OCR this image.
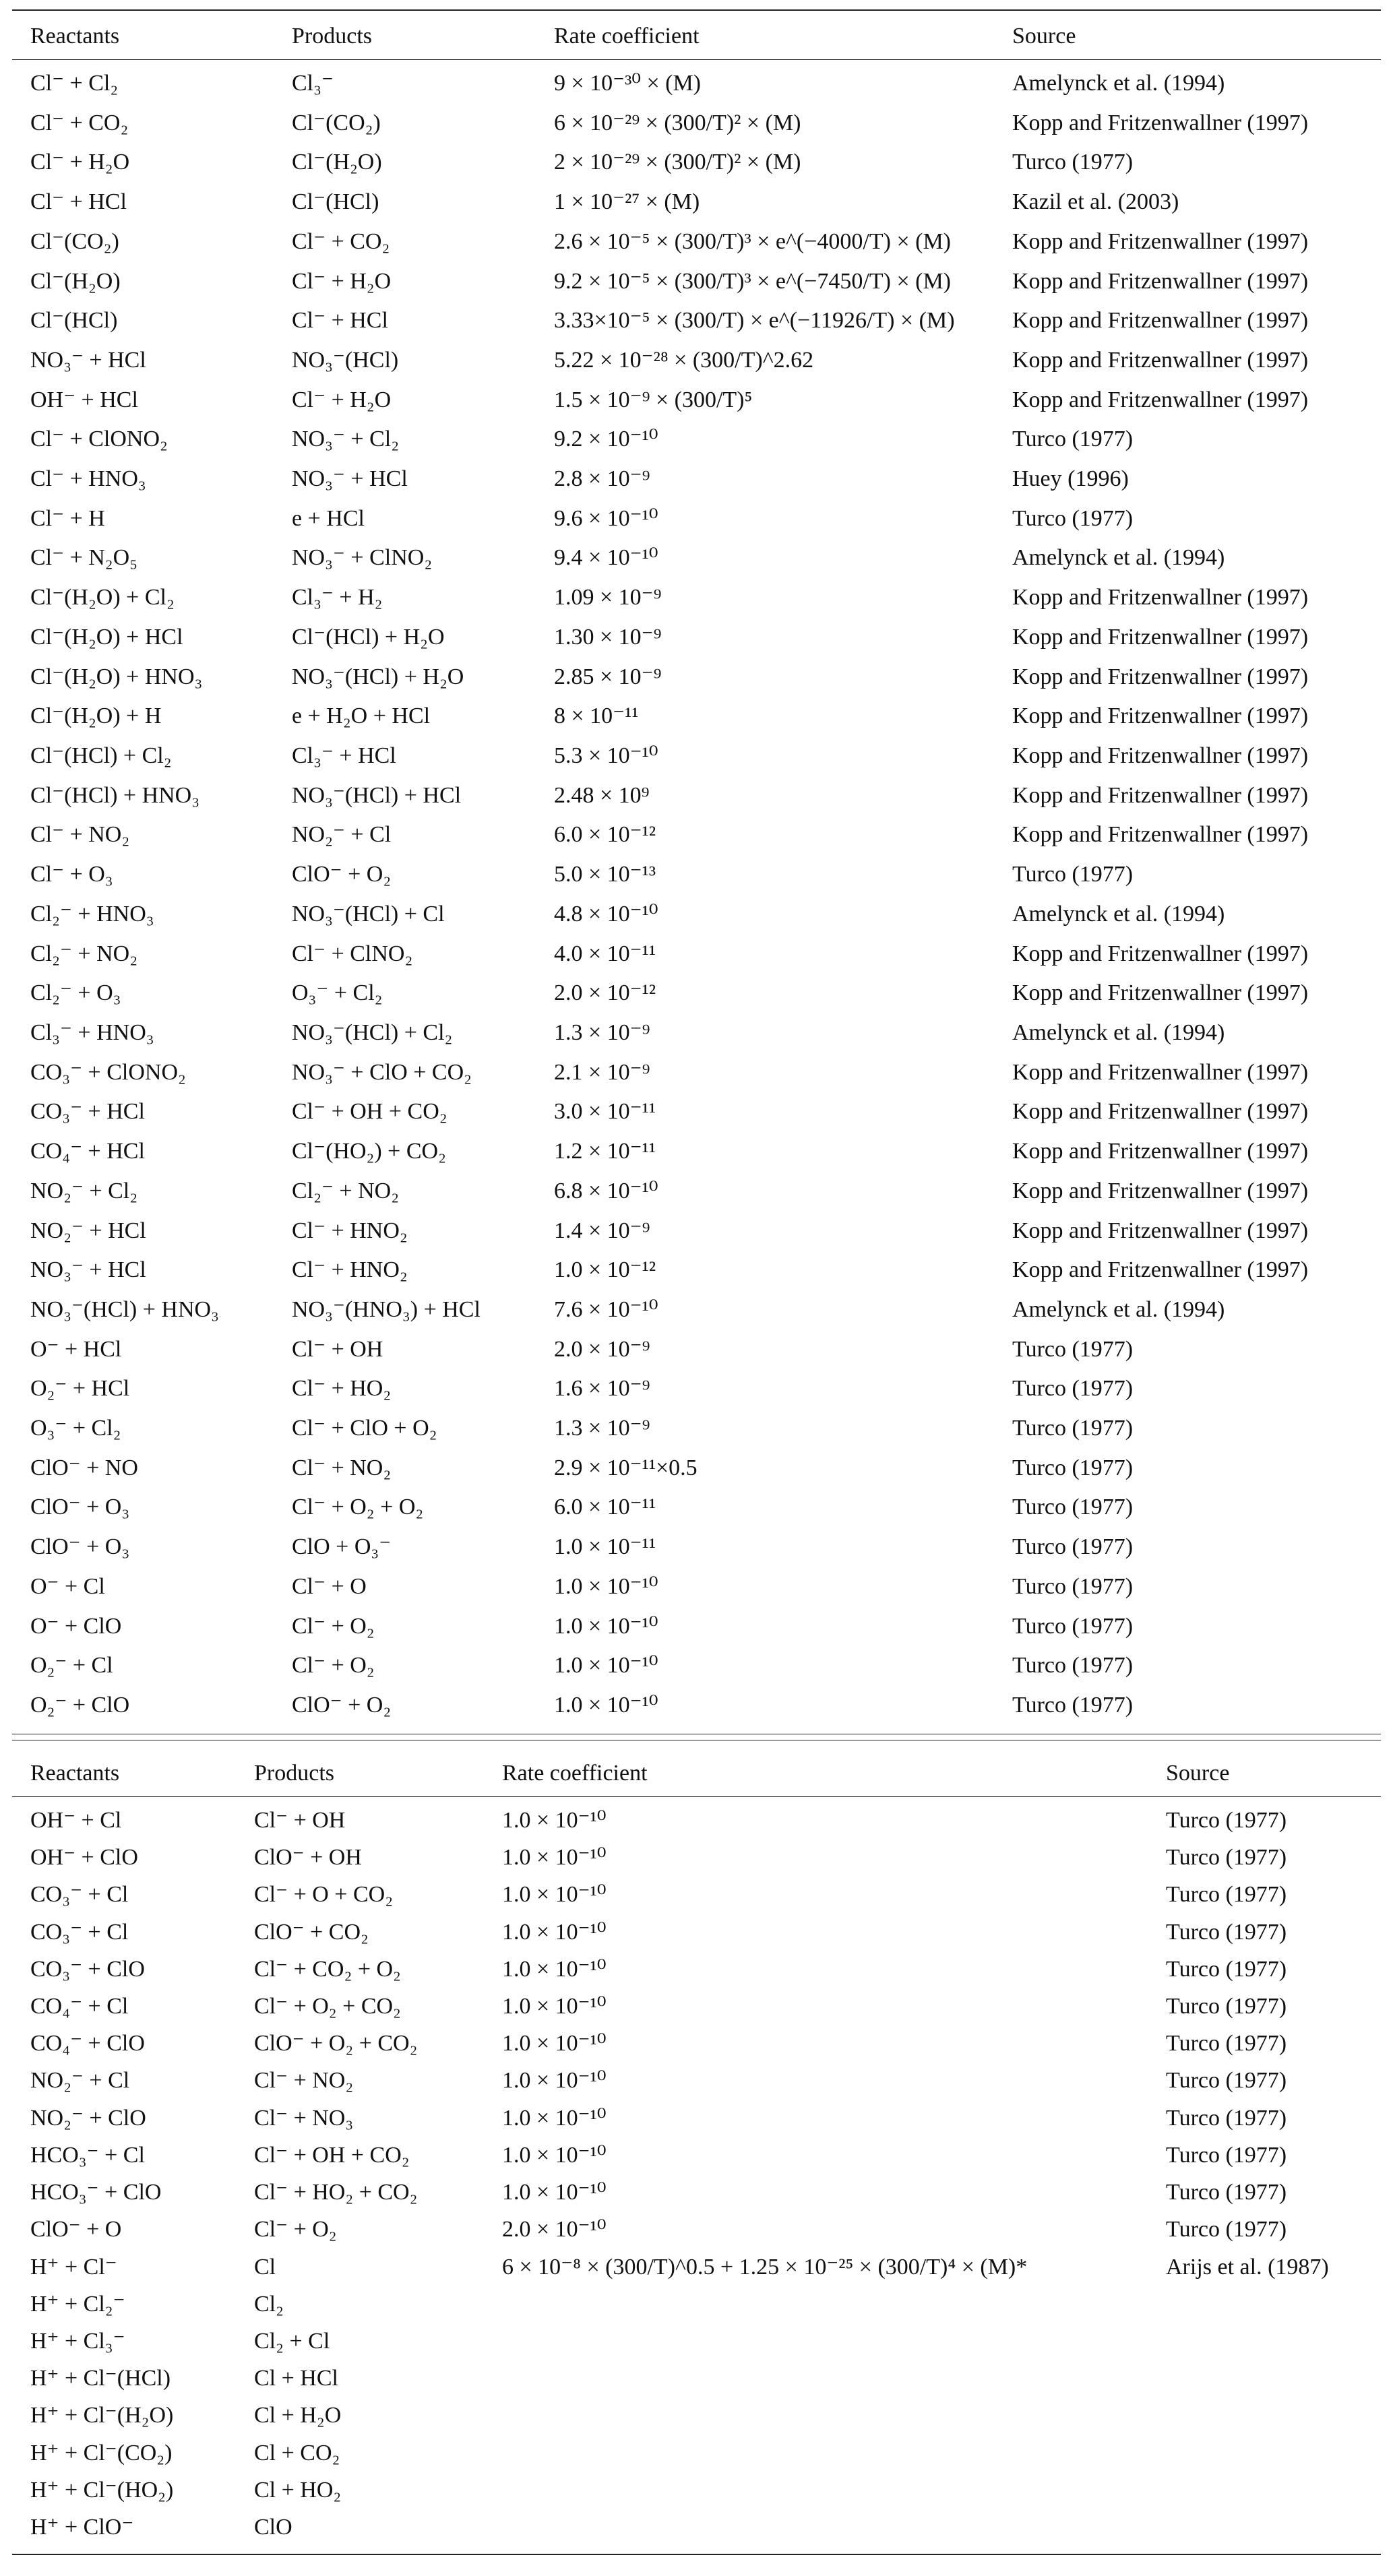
Reactants	Products	Rate coefficient	Source
Cl⁻ + Cl₂	Cl₃⁻	9 × 10⁻³⁰ × (M)	Amelynck et al. (1994)
Cl⁻ + CO₂	Cl⁻(CO₂)	6 × 10⁻²⁹ × (300/T)² × (M)	Kopp and Fritzenwallner (1997)
Cl⁻ + H₂O	Cl⁻(H₂O)	2 × 10⁻²⁹ × (300/T)² × (M)	Turco (1977)
Cl⁻ + HCl	Cl⁻(HCl)	1 × 10⁻²⁷ × (M)	Kazil et al. (2003)
Cl⁻(CO₂)	Cl⁻ + CO₂	2.6 × 10⁻⁵ × (300/T)³ × e^(−4000/T) × (M)	Kopp and Fritzenwallner (1997)
Cl⁻(H₂O)	Cl⁻ + H₂O	9.2 × 10⁻⁵ × (300/T)³ × e^(−7450/T) × (M)	Kopp and Fritzenwallner (1997)
Cl⁻(HCl)	Cl⁻ + HCl	3.33×10⁻⁵ × (300/T) × e^(−11926/T) × (M)	Kopp and Fritzenwallner (1997)
NO₃⁻ + HCl	NO₃⁻(HCl)	5.22 × 10⁻²⁸ × (300/T)^2.62	Kopp and Fritzenwallner (1997)
OH⁻ + HCl	Cl⁻ + H₂O	1.5 × 10⁻⁹ × (300/T)⁵	Kopp and Fritzenwallner (1997)
Cl⁻ + ClONO₂	NO₃⁻ + Cl₂	9.2 × 10⁻¹⁰	Turco (1977)
Cl⁻ + HNO₃	NO₃⁻ + HCl	2.8 × 10⁻⁹	Huey (1996)
Cl⁻ + H	e + HCl	9.6 × 10⁻¹⁰	Turco (1977)
Cl⁻ + N₂O₅	NO₃⁻ + ClNO₂	9.4 × 10⁻¹⁰	Amelynck et al. (1994)
Cl⁻(H₂O) + Cl₂	Cl₃⁻ + H₂	1.09 × 10⁻⁹	Kopp and Fritzenwallner (1997)
Cl⁻(H₂O) + HCl	Cl⁻(HCl) + H₂O	1.30 × 10⁻⁹	Kopp and Fritzenwallner (1997)
Cl⁻(H₂O) + HNO₃	NO₃⁻(HCl) + H₂O	2.85 × 10⁻⁹	Kopp and Fritzenwallner (1997)
Cl⁻(H₂O) + H	e + H₂O + HCl	8 × 10⁻¹¹	Kopp and Fritzenwallner (1997)
Cl⁻(HCl) + Cl₂	Cl₃⁻ + HCl	5.3 × 10⁻¹⁰	Kopp and Fritzenwallner (1997)
Cl⁻(HCl) + HNO₃	NO₃⁻(HCl) + HCl	2.48 × 10⁹	Kopp and Fritzenwallner (1997)
Cl⁻ + NO₂	NO₂⁻ + Cl	6.0 × 10⁻¹²	Kopp and Fritzenwallner (1997)
Cl⁻ + O₃	ClO⁻ + O₂	5.0 × 10⁻¹³	Turco (1977)
Cl₂⁻ + HNO₃	NO₃⁻(HCl) + Cl	4.8 × 10⁻¹⁰	Amelynck et al. (1994)
Cl₂⁻ + NO₂	Cl⁻ + ClNO₂	4.0 × 10⁻¹¹	Kopp and Fritzenwallner (1997)
Cl₂⁻ + O₃	O₃⁻ + Cl₂	2.0 × 10⁻¹²	Kopp and Fritzenwallner (1997)
Cl₃⁻ + HNO₃	NO₃⁻(HCl) + Cl₂	1.3 × 10⁻⁹	Amelynck et al. (1994)
CO₃⁻ + ClONO₂	NO₃⁻ + ClO + CO₂	2.1 × 10⁻⁹	Kopp and Fritzenwallner (1997)
CO₃⁻ + HCl	Cl⁻ + OH + CO₂	3.0 × 10⁻¹¹	Kopp and Fritzenwallner (1997)
CO₄⁻ + HCl	Cl⁻(HO₂) + CO₂	1.2 × 10⁻¹¹	Kopp and Fritzenwallner (1997)
NO₂⁻ + Cl₂	Cl₂⁻ + NO₂	6.8 × 10⁻¹⁰	Kopp and Fritzenwallner (1997)
NO₂⁻ + HCl	Cl⁻ + HNO₂	1.4 × 10⁻⁹	Kopp and Fritzenwallner (1997)
NO₃⁻ + HCl	Cl⁻ + HNO₂	1.0 × 10⁻¹²	Kopp and Fritzenwallner (1997)
NO₃⁻(HCl) + HNO₃	NO₃⁻(HNO₃) + HCl	7.6 × 10⁻¹⁰	Amelynck et al. (1994)
O⁻ + HCl	Cl⁻ + OH	2.0 × 10⁻⁹	Turco (1977)
O₂⁻ + HCl	Cl⁻ + HO₂	1.6 × 10⁻⁹	Turco (1977)
O₃⁻ + Cl₂	Cl⁻ + ClO + O₂	1.3 × 10⁻⁹	Turco (1977)
ClO⁻ + NO	Cl⁻ + NO₂	2.9 × 10⁻¹¹×0.5	Turco (1977)
ClO⁻ + O₃	Cl⁻ + O₂ + O₂	6.0 × 10⁻¹¹	Turco (1977)
ClO⁻ + O₃	ClO + O₃⁻	1.0 × 10⁻¹¹	Turco (1977)
O⁻ + Cl	Cl⁻ + O	1.0 × 10⁻¹⁰	Turco (1977)
O⁻ + ClO	Cl⁻ + O₂	1.0 × 10⁻¹⁰	Turco (1977)
O₂⁻ + Cl	Cl⁻ + O₂	1.0 × 10⁻¹⁰	Turco (1977)
O₂⁻ + ClO	ClO⁻ + O₂	1.0 × 10⁻¹⁰	Turco (1977)
Reactants	Products	Rate coefficient	Source
OH⁻ + Cl	Cl⁻ + OH	1.0 × 10⁻¹⁰	Turco (1977)
OH⁻ + ClO	ClO⁻ + OH	1.0 × 10⁻¹⁰	Turco (1977)
CO₃⁻ + Cl	Cl⁻ + O + CO₂	1.0 × 10⁻¹⁰	Turco (1977)
CO₃⁻ + Cl	ClO⁻ + CO₂	1.0 × 10⁻¹⁰	Turco (1977)
CO₃⁻ + ClO	Cl⁻ + CO₂ + O₂	1.0 × 10⁻¹⁰	Turco (1977)
CO₄⁻ + Cl	Cl⁻ + O₂ + CO₂	1.0 × 10⁻¹⁰	Turco (1977)
CO₄⁻ + ClO	ClO⁻ + O₂ + CO₂	1.0 × 10⁻¹⁰	Turco (1977)
NO₂⁻ + Cl	Cl⁻ + NO₂	1.0 × 10⁻¹⁰	Turco (1977)
NO₂⁻ + ClO	Cl⁻ + NO₃	1.0 × 10⁻¹⁰	Turco (1977)
HCO₃⁻ + Cl	Cl⁻ + OH + CO₂	1.0 × 10⁻¹⁰	Turco (1977)
HCO₃⁻ + ClO	Cl⁻ + HO₂ + CO₂	1.0 × 10⁻¹⁰	Turco (1977)
ClO⁻ + O	Cl⁻ + O₂	2.0 × 10⁻¹⁰	Turco (1977)
H⁺ + Cl⁻	Cl	6 × 10⁻⁸ × (300/T)^0.5 + 1.25 × 10⁻²⁵ × (300/T)⁴ × (M)*	Arijs et al. (1987)
H⁺ + Cl₂⁻	Cl₂
H⁺ + Cl₃⁻	Cl₂ + Cl
H⁺ + Cl⁻(HCl)	Cl + HCl
H⁺ + Cl⁻(H₂O)	Cl + H₂O
H⁺ + Cl⁻(CO₂)	Cl + CO₂
H⁺ + Cl⁻(HO₂)	Cl + HO₂
H⁺ + ClO⁻	ClO
